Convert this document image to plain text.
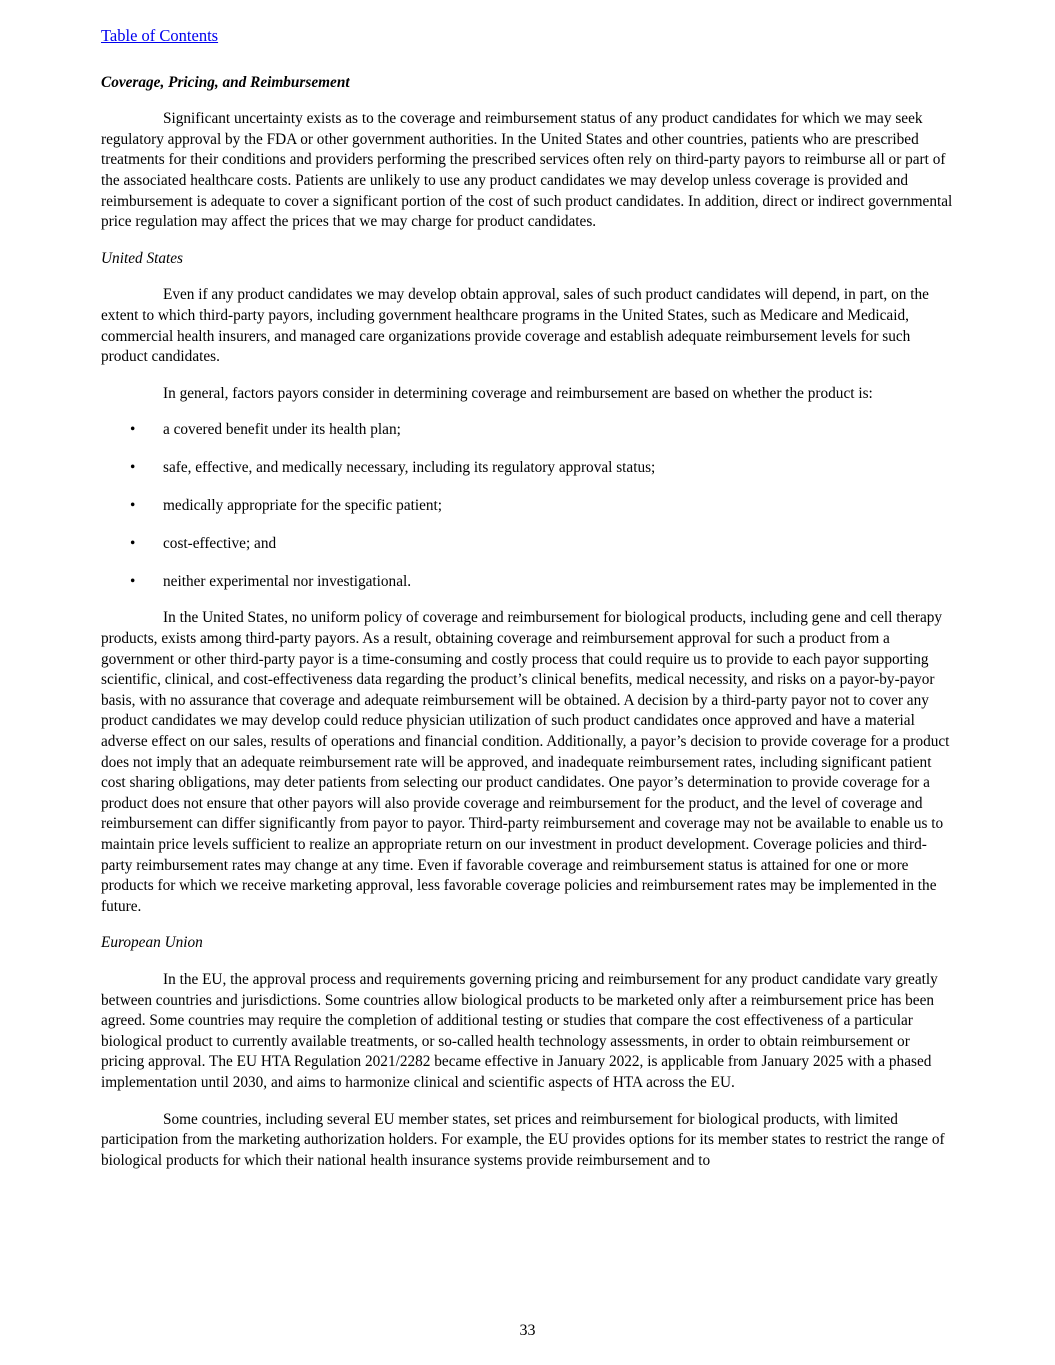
Table of Contents
Coverage, Pricing, and Reimbursement

Significant uncertainty exists as to the coverage and reimbursement status of any product candidates for which we may seek regulatory approval by the FDA or other government authorities. In the United States and other countries, patients who are prescribed treatments for their conditions and providers performing the prescribed services often rely on third-party payors to reimburse all or part of the associated healthcare costs. Patients are unlikely to use any product candidates we may develop unless coverage is provided and reimbursement is adequate to cover a significant portion of the cost of such product candidates. In addition, direct or indirect governmental price regulation may affect the prices that we may charge for product candidates.

United States

Even if any product candidates we may develop obtain approval, sales of such product candidates will depend, in part, on the extent to which third-party payors, including government healthcare programs in the United States, such as Medicare and Medicaid, commercial health insurers, and managed care organizations provide coverage and establish adequate reimbursement levels for such product candidates.

In general, factors payors consider in determining coverage and reimbursement are based on whether the product is:

• a covered benefit under its health plan;
• safe, effective, and medically necessary, including its regulatory approval status;
• medically appropriate for the specific patient;
• cost-effective; and
• neither experimental nor investigational.

In the United States, no uniform policy of coverage and reimbursement for biological products, including gene and cell therapy products, exists among third-party payors. As a result, obtaining coverage and reimbursement approval for such a product from a government or other third-party payor is a time-consuming and costly process that could require us to provide to each payor supporting scientific, clinical, and cost-effectiveness data regarding the product’s clinical benefits, medical necessity, and risks on a payor-by-payor basis, with no assurance that coverage and adequate reimbursement will be obtained. A decision by a third-party payor not to cover any product candidates we may develop could reduce physician utilization of such product candidates once approved and have a material adverse effect on our sales, results of operations and financial condition. Additionally, a payor’s decision to provide coverage for a product does not imply that an adequate reimbursement rate will be approved, and inadequate reimbursement rates, including significant patient cost sharing obligations, may deter patients from selecting our product candidates. One payor’s determination to provide coverage for a product does not ensure that other payors will also provide coverage and reimbursement for the product, and the level of coverage and reimbursement can differ significantly from payor to payor. Third-party reimbursement and coverage may not be available to enable us to maintain price levels sufficient to realize an appropriate return on our investment in product development. Coverage policies and third-party reimbursement rates may change at any time. Even if favorable coverage and reimbursement status is attained for one or more products for which we receive marketing approval, less favorable coverage policies and reimbursement rates may be implemented in the future.

European Union

In the EU, the approval process and requirements governing pricing and reimbursement for any product candidate vary greatly between countries and jurisdictions. Some countries allow biological products to be marketed only after a reimbursement price has been agreed. Some countries may require the completion of additional testing or studies that compare the cost effectiveness of a particular biological product to currently available treatments, or so-called health technology assessments, in order to obtain reimbursement or pricing approval. The EU HTA Regulation 2021/2282 became effective in January 2022, is applicable from January 2025 with a phased implementation until 2030, and aims to harmonize clinical and scientific aspects of HTA across the EU.

Some countries, including several EU member states, set prices and reimbursement for biological products, with limited participation from the marketing authorization holders. For example, the EU provides options for its member states to restrict the range of biological products for which their national health insurance systems provide reimbursement and to

33
